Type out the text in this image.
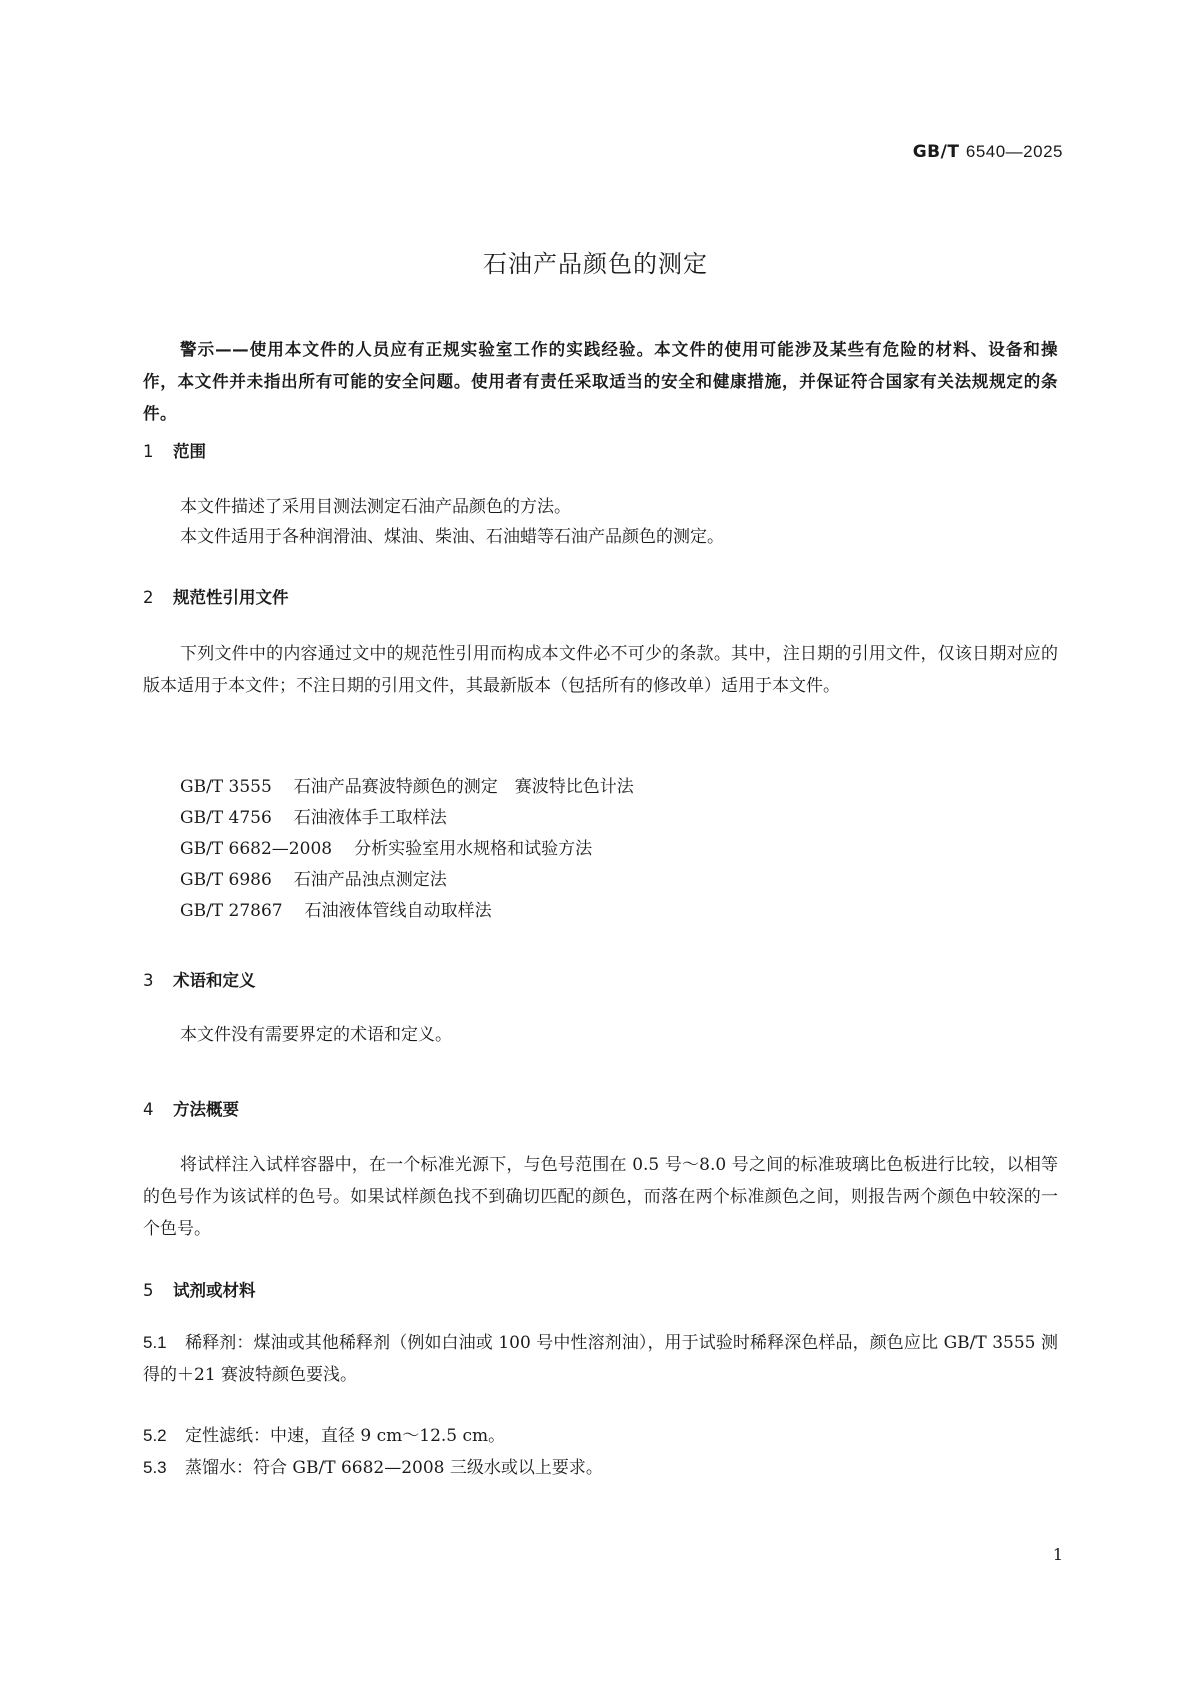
GB/T 6540—2025
石油产品颜色的测定
警示——使用本文件的人员应有正规实验室工作的实践经验。本文件的使用可能涉及某些有危险的材料、设备和操作，本文件并未指出所有可能的安全问题。使用者有责任采取适当的安全和健康措施，并保证符合国家有关法规规定的条件。
1 范围
本文件描述了采用目测法测定石油产品颜色的方法。
本文件适用于各种润滑油、煤油、柴油、石油蜡等石油产品颜色的测定。
2 规范性引用文件
下列文件中的内容通过文中的规范性引用而构成本文件必不可少的条款。其中，注日期的引用文件，仅该日期对应的版本适用于本文件；不注日期的引用文件，其最新版本（包括所有的修改单）适用于本文件。
GB/T 3555 石油产品赛波特颜色的测定　赛波特比色计法
GB/T 4756 石油液体手工取样法
GB/T 6682—2008 分析实验室用水规格和试验方法
GB/T 6986 石油产品浊点测定法
GB/T 27867 石油液体管线自动取样法
3 术语和定义
本文件没有需要界定的术语和定义。
4 方法概要
将试样注入试样容器中，在一个标准光源下，与色号范围在 0.5 号～8.0 号之间的标准玻璃比色板进行比较，以相等的色号作为该试样的色号。如果试样颜色找不到确切匹配的颜色，而落在两个标准颜色之间，则报告两个颜色中较深的一个色号。
5 试剂或材料
5.1 稀释剂：煤油或其他稀释剂（例如白油或 100 号中性溶剂油），用于试验时稀释深色样品，颜色应比 GB/T 3555 测得的＋21 赛波特颜色要浅。
5.2 定性滤纸：中速，直径 9 cm～12.5 cm。
5.3 蒸馏水：符合 GB/T 6682—2008 三级水或以上要求。
1
